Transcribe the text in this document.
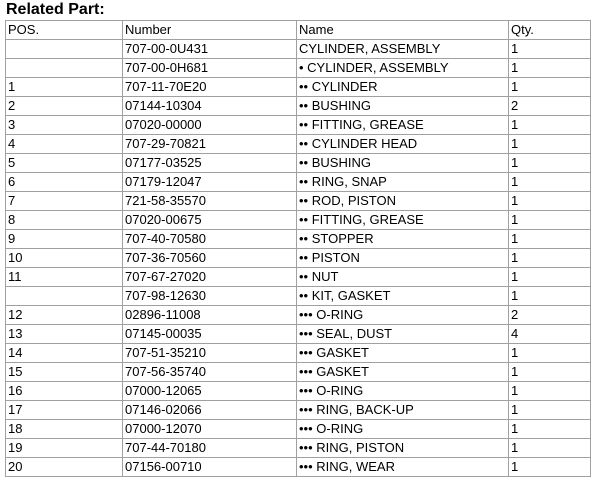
Related Part:
POS.	Number	Name	Qty.
	707-00-0U431	CYLINDER, ASSEMBLY	1
	707-00-0H681	• CYLINDER, ASSEMBLY	1
1	707-11-70E20	•• CYLINDER	1
2	07144-10304	•• BUSHING	2
3	07020-00000	•• FITTING, GREASE	1
4	707-29-70821	•• CYLINDER HEAD	1
5	07177-03525	•• BUSHING	1
6	07179-12047	•• RING, SNAP	1
7	721-58-35570	•• ROD, PISTON	1
8	07020-00675	•• FITTING, GREASE	1
9	707-40-70580	•• STOPPER	1
10	707-36-70560	•• PISTON	1
11	707-67-27020	•• NUT	1
	707-98-12630	•• KIT, GASKET	1
12	02896-11008	••• O-RING	2
13	07145-00035	••• SEAL, DUST	4
14	707-51-35210	••• GASKET	1
15	707-56-35740	••• GASKET	1
16	07000-12065	••• O-RING	1
17	07146-02066	••• RING, BACK-UP	1
18	07000-12070	••• O-RING	1
19	707-44-70180	••• RING, PISTON	1
20	07156-00710	••• RING, WEAR	1
